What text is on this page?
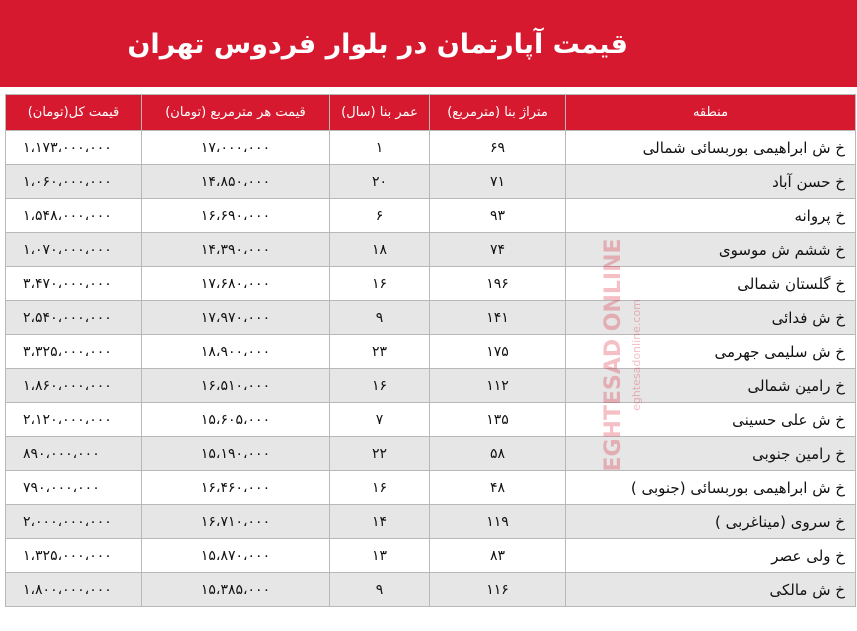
قیمت آپارتمان در بلوار فردوس تهران
قیمت کل(تومان)	قیمت هر مترمربع (تومان)	عمر بنا (سال)	متراژ بنا (مترمربع)	منطقه
۱،۱۷۳،۰۰۰،۰۰۰	۱۷،۰۰۰،۰۰۰	۱	۶۹	خ ش ابراهیمی بوربسائی شمالی
۱،۰۶۰،۰۰۰،۰۰۰	۱۴،۸۵۰،۰۰۰	۲۰	۷۱	خ حسن آباد
۱،۵۴۸،۰۰۰،۰۰۰	۱۶،۶۹۰،۰۰۰	۶	۹۳	خ پروانه
۱،۰۷۰،۰۰۰،۰۰۰	۱۴،۳۹۰،۰۰۰	۱۸	۷۴	خ ششم ش موسوی
۳،۴۷۰،۰۰۰،۰۰۰	۱۷،۶۸۰،۰۰۰	۱۶	۱۹۶	خ گلستان شمالی
۲،۵۴۰،۰۰۰،۰۰۰	۱۷،۹۷۰،۰۰۰	۹	۱۴۱	خ ش فدائی
۳،۳۲۵،۰۰۰،۰۰۰	۱۸،۹۰۰،۰۰۰	۲۳	۱۷۵	خ ش سلیمی جهرمی
۱،۸۶۰،۰۰۰،۰۰۰	۱۶،۵۱۰،۰۰۰	۱۶	۱۱۲	خ رامین شمالی
۲،۱۲۰،۰۰۰،۰۰۰	۱۵،۶۰۵،۰۰۰	۷	۱۳۵	خ ش علی حسینی
۸۹۰،۰۰۰،۰۰۰	۱۵،۱۹۰،۰۰۰	۲۲	۵۸	خ رامین جنوبی
۷۹۰،۰۰۰،۰۰۰	۱۶،۴۶۰،۰۰۰	۱۶	۴۸	خ ش ابراهیمی بوربسائی (جنوبی )
۲،۰۰۰،۰۰۰،۰۰۰	۱۶،۷۱۰،۰۰۰	۱۴	۱۱۹	خ سروی (میناغربی )
۱،۳۲۵،۰۰۰،۰۰۰	۱۵،۸۷۰،۰۰۰	۱۳	۸۳	خ ولی عصر
۱،۸۰۰،۰۰۰،۰۰۰	۱۵،۳۸۵،۰۰۰	۹	۱۱۶	خ ش مالکی
EGHTESAD ONLINE eghtesadonline.com
